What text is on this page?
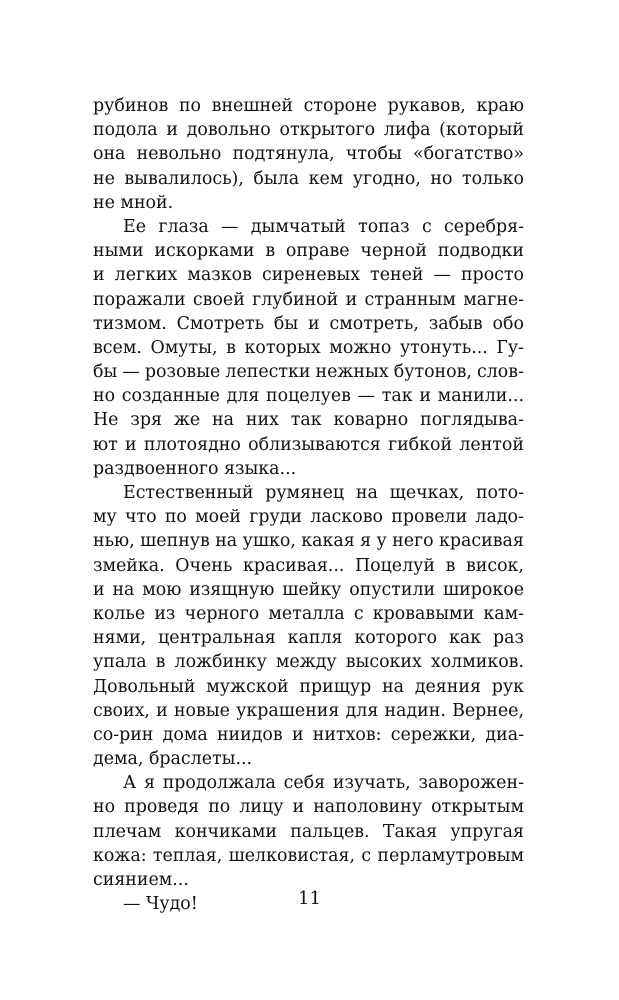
рубинов по внешней стороне рукавов, краю
подола и довольно открытого лифа (который
она невольно подтянула, чтобы «богатство»
не вывалилось), была кем угодно, но только
не мной.
Ее глаза — дымчатый топаз с серебря-
ными искорками в оправе черной подводки
и легких мазков сиреневых теней — просто
поражали своей глубиной и странным магне-
тизмом. Смотреть бы и смотреть, забыв обо
всем. Омуты, в которых можно утонуть... Гу-
бы — розовые лепестки нежных бутонов, слов-
но созданные для поцелуев — так и манили...
Не зря же на них так коварно поглядыва-
ют и плотоядно облизываются гибкой лентой
раздвоенного языка...
Естественный румянец на щечках, пото-
му что по моей груди ласково провели ладо-
нью, шепнув на ушко, какая я у него красивая
змейка. Очень красивая... Поцелуй в висок,
и на мою изящную шейку опустили широкое
колье из черного металла с кровавыми кам-
нями, центральная капля которого как раз
упала в ложбинку между высоких холмиков.
Довольный мужской прищур на деяния рук
своих, и новые украшения для надин. Вернее,
со-рин дома ниидов и нитхов: сережки, диа-
дема, браслеты...
А я продолжала себя изучать, заворожен-
но проведя по лицу и наполовину открытым
плечам кончиками пальцев. Такая упругая
кожа: теплая, шелковистая, с перламутровым
сиянием...
— Чудо!	11
